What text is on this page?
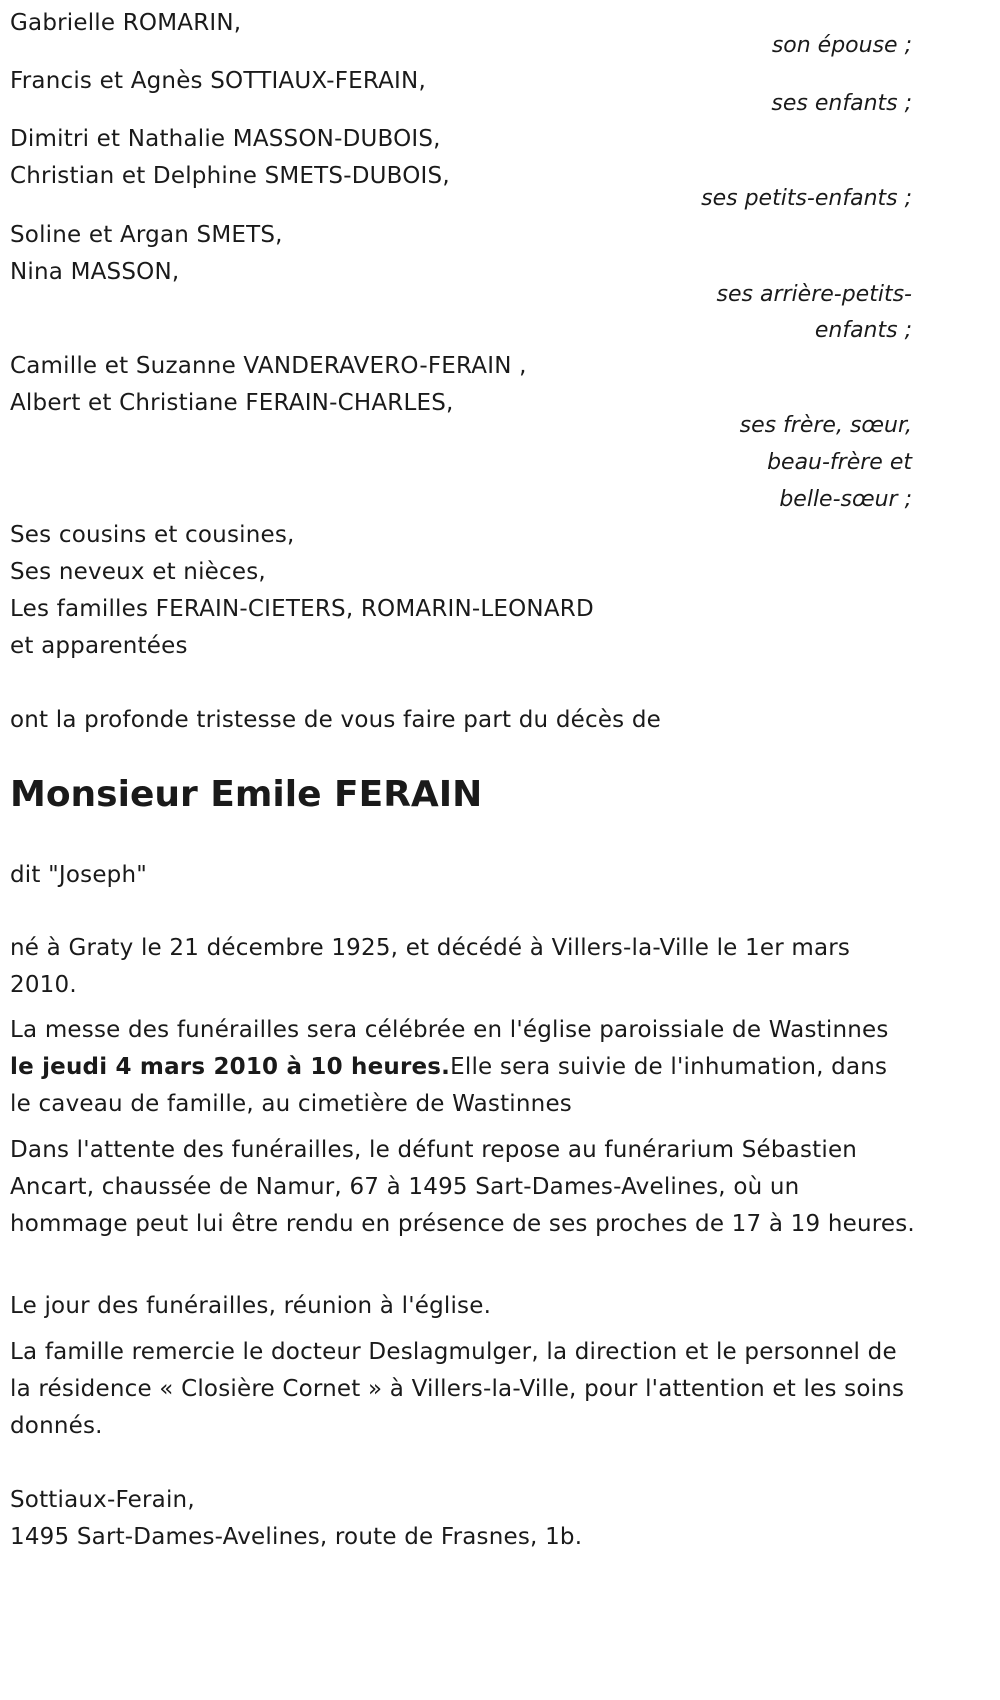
Gabrielle ROMARIN,
son épouse ;
Francis et Agnès SOTTIAUX-FERAIN,
ses enfants ;
Dimitri et Nathalie MASSON-DUBOIS,
Christian et Delphine SMETS-DUBOIS,
ses petits-enfants ;
Soline et Argan SMETS,
Nina MASSON,
ses arrière-petits-
enfants ;
Camille et Suzanne VANDERAVERO-FERAIN ,
Albert et Christiane FERAIN-CHARLES,
ses frère, sœur,
beau-frère et
belle-sœur ;
Ses cousins et cousines,
Ses neveux et nièces,
Les familles FERAIN-CIETERS, ROMARIN-LEONARD
et apparentées
ont la profonde tristesse de vous faire part du décès de
Monsieur Emile FERAIN
dit "Joseph"
né à Graty le 21 décembre 1925, et décédé à Villers-la-Ville le 1er mars 2010.
La messe des funérailles sera célébrée en l'église paroissiale de Wastinnes le jeudi 4 mars 2010 à 10 heures.Elle sera suivie de l'inhumation, dans le caveau de famille, au cimetière de Wastinnes
Dans l'attente des funérailles, le défunt repose au funérarium Sébastien Ancart, chaussée de Namur, 67 à 1495 Sart-Dames-Avelines, où un hommage peut lui être rendu en présence de ses proches de 17 à 19 heures.
Le jour des funérailles, réunion à l'église.
La famille remercie le docteur Deslagmulger, la direction et le personnel de la résidence « Closière Cornet » à Villers-la-Ville, pour l'attention et les soins donnés.
Sottiaux-Ferain,
1495 Sart-Dames-Avelines, route de Frasnes, 1b.
